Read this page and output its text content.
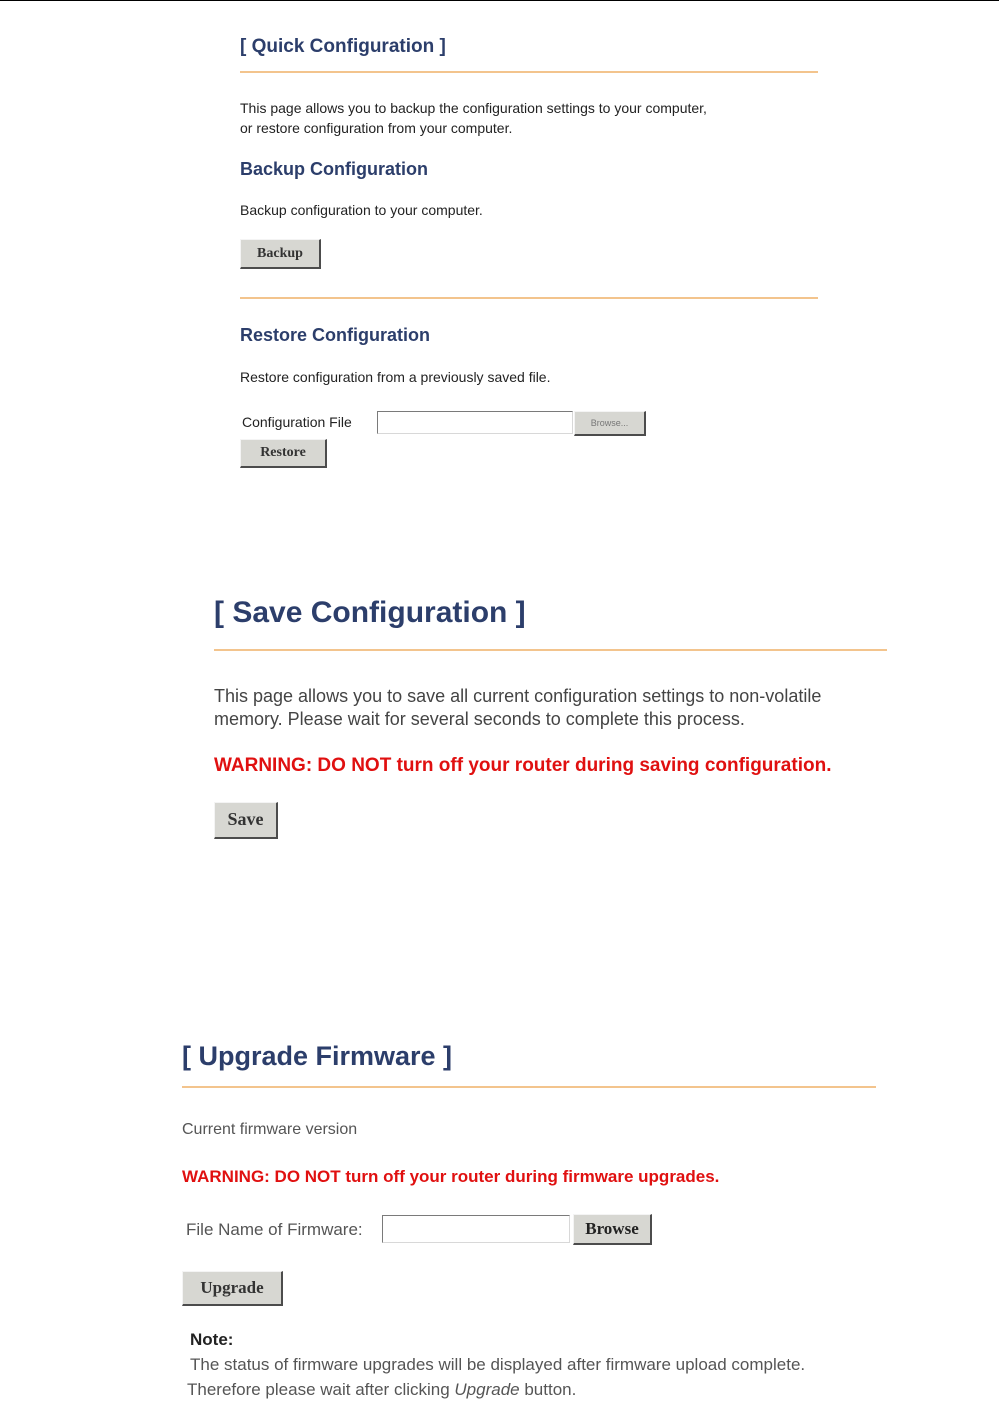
[ Quick Configuration ]
This page allows you to backup the configuration settings to your computer,
or restore configuration from your computer.
Backup Configuration
Backup configuration to your computer.
Backup
Restore Configuration
Restore configuration from a previously saved file.
Configuration File	Browse...
Restore
[ Save Configuration ]
This page allows you to save all current configuration settings to non-volatile
memory. Please wait for several seconds to complete this process.
WARNING: DO NOT turn off your router during saving configuration.
Save
[ Upgrade Firmware ]
Current firmware version
WARNING: DO NOT turn off your router during firmware upgrades.
File Name of Firmware:	Browse
Upgrade
Note:
The status of firmware upgrades will be displayed after firmware upload complete.
Therefore please wait after clicking Upgrade button.
